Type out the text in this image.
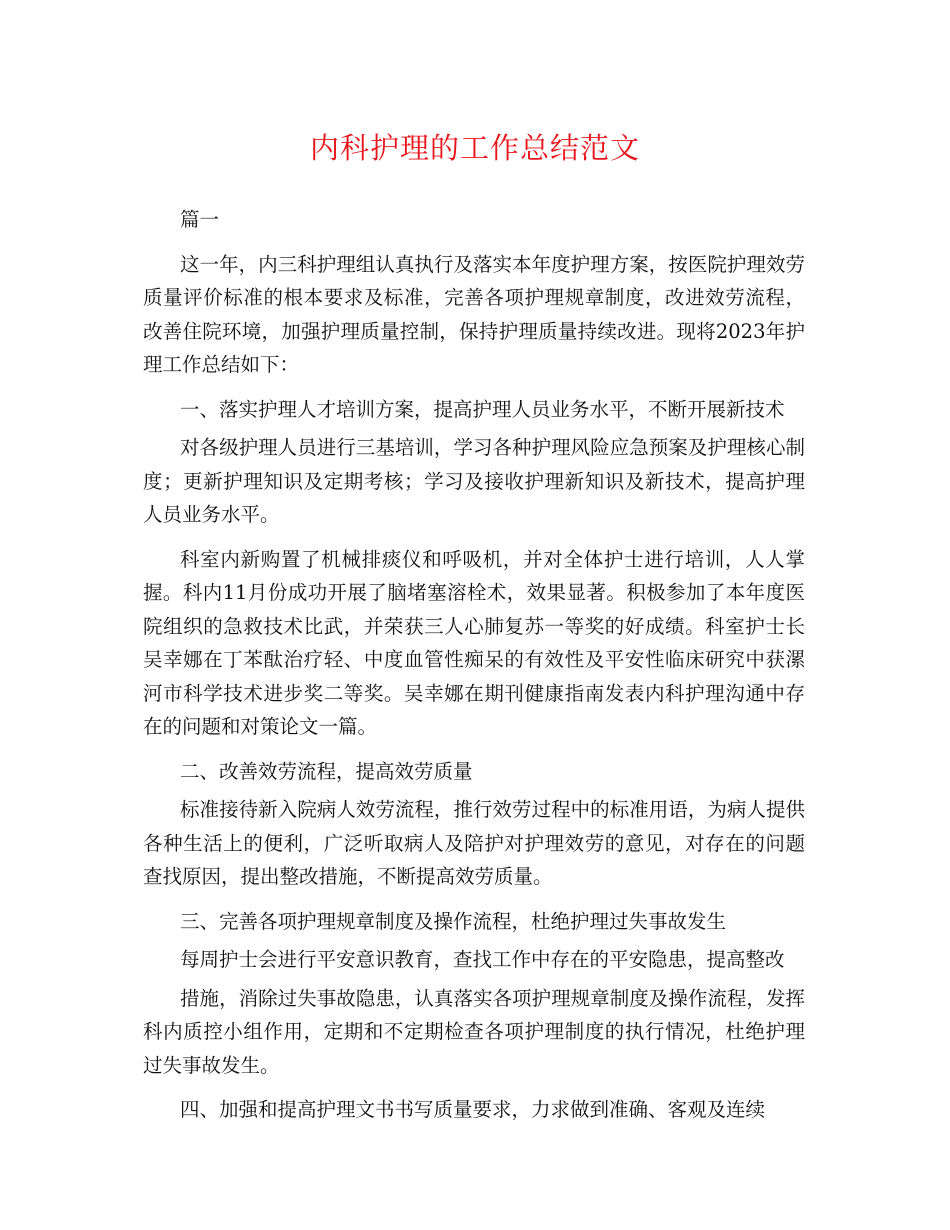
内科护理的工作总结范文

篇一

这一年，内三科护理组认真执行及落实本年度护理方案，按医院护理效劳质量评价标准的根本要求及标准，完善各项护理规章制度，改进效劳流程，改善住院环境，加强护理质量控制，保持护理质量持续改进。现将2023年护理工作总结如下：

一、落实护理人才培训方案，提高护理人员业务水平，不断开展新技术

对各级护理人员进行三基培训，学习各种护理风险应急预案及护理核心制度；更新护理知识及定期考核；学习及接收护理新知识及新技术，提高护理人员业务水平。

科室内新购置了机械排痰仪和呼吸机，并对全体护士进行培训，人人掌握。科内11月份成功开展了脑堵塞溶栓术，效果显著。积极参加了本年度医院组织的急救技术比武，并荣获三人心肺复苏一等奖的好成绩。科室护士长吴幸娜在丁苯酞治疗轻、中度血管性痴呆的有效性及平安性临床研究中获漯河市科学技术进步奖二等奖。吴幸娜在期刊健康指南发表内科护理沟通中存在的问题和对策论文一篇。

二、改善效劳流程，提高效劳质量

标准接待新入院病人效劳流程，推行效劳过程中的标准用语，为病人提供各种生活上的便利，广泛听取病人及陪护对护理效劳的意见，对存在的问题查找原因，提出整改措施，不断提高效劳质量。

三、完善各项护理规章制度及操作流程，杜绝护理过失事故发生

每周护士会进行平安意识教育，查找工作中存在的平安隐患，提高整改

措施，消除过失事故隐患，认真落实各项护理规章制度及操作流程，发挥科内质控小组作用，定期和不定期检查各项护理制度的执行情况，杜绝护理过失事故发生。

四、加强和提高护理文书书写质量要求，力求做到准确、客观及连续
